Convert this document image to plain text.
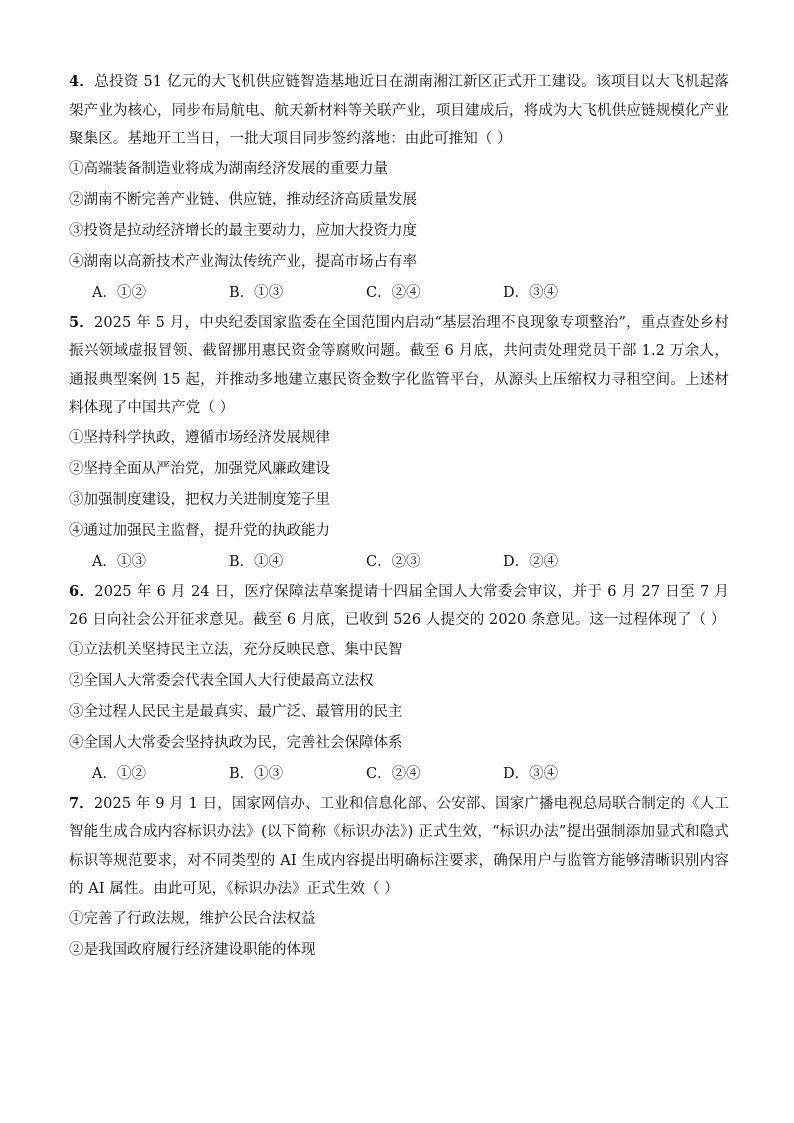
4．总投资 51 亿元的大飞机供应链智造基地近日在湖南湘江新区正式开工建设。该项目以大飞机起落架产业为核心，同步布局航电、航天新材料等关联产业，项目建成后，将成为大飞机供应链规模化产业聚集区。基地开工当日，一批大项目同步签约落地：由此可推知（ ）

①高端装备制造业将成为湖南经济发展的重要力量

②湖南不断完善产业链、供应链，推动经济高质量发展

③投资是拉动经济增长的最主要动力，应加大投资力度

④湖南以高新技术产业淘汰传统产业，提高市场占有率

A．①②	B．①③	C．②④	D．③④

5．2025 年 5 月，中央纪委国家监委在全国范围内启动“基层治理不良现象专项整治”，重点查处乡村振兴领域虚报冒领、截留挪用惠民资金等腐败问题。截至 6 月底，共问责处理党员干部 1.2 万余人，通报典型案例 15 起，并推动多地建立惠民资金数字化监管平台，从源头上压缩权力寻租空间。上述材料体现了中国共产党（ ）

①坚持科学执政，遵循市场经济发展规律

②坚持全面从严治党，加强党风廉政建设

③加强制度建设，把权力关进制度笼子里

④通过加强民主监督，提升党的执政能力

A．①③	B．①④	C．②③	D．②④

6．2025 年 6 月 24 日，医疗保障法草案提请十四届全国人大常委会审议，并于 6 月 27 日至 7 月 26 日向社会公开征求意见。截至 6 月底，已收到 526 人提交的 2020 条意见。这一过程体现了（ ）

①立法机关坚持民主立法，充分反映民意、集中民智

②全国人大常委会代表全国人大行使最高立法权

③全过程人民民主是最真实、最广泛、最管用的民主

④全国人大常委会坚持执政为民，完善社会保障体系

A．①②	B．①③	C．②④	D．③④

7．2025 年 9 月 1 日，国家网信办、工业和信息化部、公安部、国家广播电视总局联合制定的《人工智能生成合成内容标识办法》(以下简称《标识办法》) 正式生效，“标识办法”提出强制添加显式和隐式标识等规范要求，对不同类型的 AI 生成内容提出明确标注要求，确保用户与监管方能够清晰识别内容的 AI 属性。由此可见，《标识办法》正式生效（ ）

①完善了行政法规，维护公民合法权益

②是我国政府履行经济建设职能的体现
